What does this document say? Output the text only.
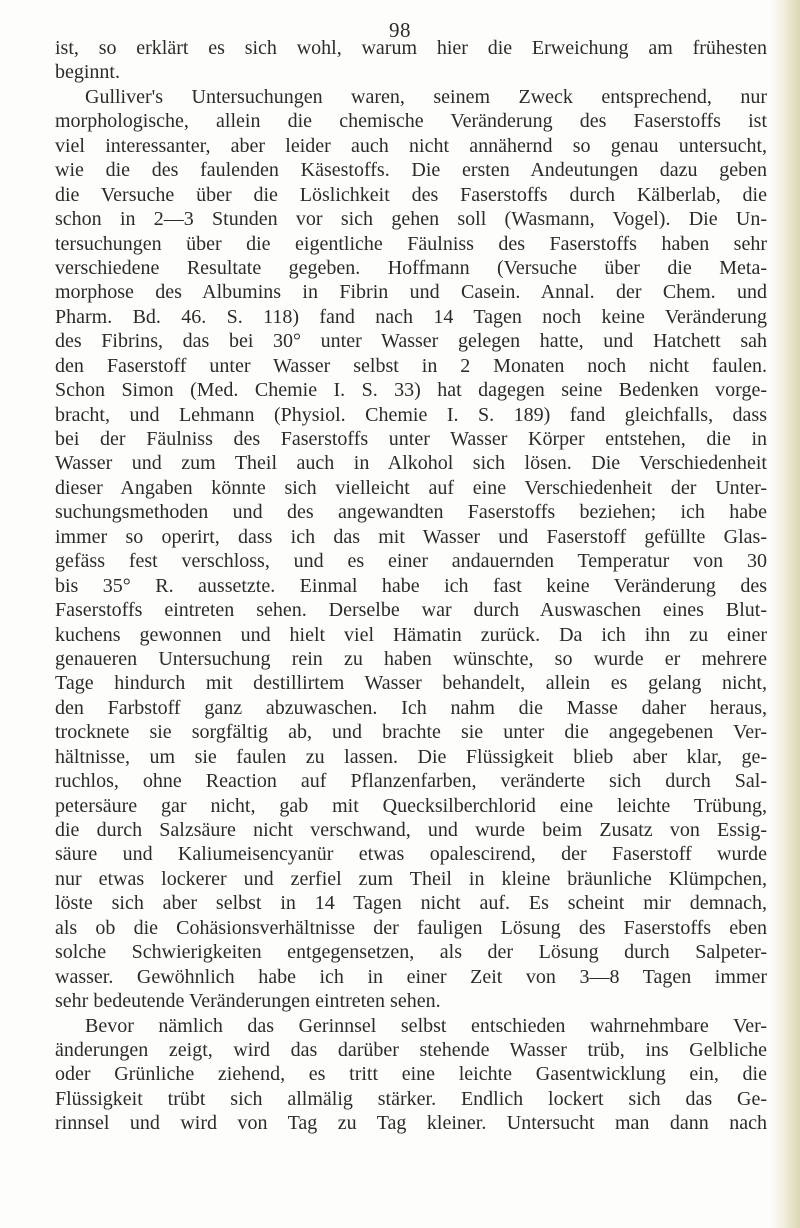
98
ist, so erklärt es sich wohl, warum hier die Erweichung am frühesten
beginnt.
Gulliver's Untersuchungen waren, seinem Zweck entsprechend, nur
morphologische, allein die chemische Veränderung des Faserstoffs ist
viel interessanter, aber leider auch nicht annähernd so genau untersucht,
wie die des faulenden Käsestoffs. Die ersten Andeutungen dazu geben
die Versuche über die Löslichkeit des Faserstoffs durch Kälberlab, die
schon in 2—3 Stunden vor sich gehen soll (Wasmann, Vogel). Die Un-
tersuchungen über die eigentliche Fäulniss des Faserstoffs haben sehr
verschiedene Resultate gegeben. Hoffmann (Versuche über die Meta-
morphose des Albumins in Fibrin und Casein. Annal. der Chem. und
Pharm. Bd. 46. S. 118) fand nach 14 Tagen noch keine Veränderung
des Fibrins, das bei 30° unter Wasser gelegen hatte, und Hatchett sah
den Faserstoff unter Wasser selbst in 2 Monaten noch nicht faulen.
Schon Simon (Med. Chemie I. S. 33) hat dagegen seine Bedenken vorge-
bracht, und Lehmann (Physiol. Chemie I. S. 189) fand gleichfalls, dass
bei der Fäulniss des Faserstoffs unter Wasser Körper entstehen, die in
Wasser und zum Theil auch in Alkohol sich lösen. Die Verschiedenheit
dieser Angaben könnte sich vielleicht auf eine Verschiedenheit der Unter-
suchungsmethoden und des angewandten Faserstoffs beziehen; ich habe
immer so operirt, dass ich das mit Wasser und Faserstoff gefüllte Glas-
gefäss fest verschloss, und es einer andauernden Temperatur von 30
bis 35° R. aussetzte. Einmal habe ich fast keine Veränderung des
Faserstoffs eintreten sehen. Derselbe war durch Auswaschen eines Blut-
kuchens gewonnen und hielt viel Hämatin zurück. Da ich ihn zu einer
genaueren Untersuchung rein zu haben wünschte, so wurde er mehrere
Tage hindurch mit destillirtem Wasser behandelt, allein es gelang nicht,
den Farbstoff ganz abzuwaschen. Ich nahm die Masse daher heraus,
trocknete sie sorgfältig ab, und brachte sie unter die angegebenen Ver-
hältnisse, um sie faulen zu lassen. Die Flüssigkeit blieb aber klar, ge-
ruchlos, ohne Reaction auf Pflanzenfarben, veränderte sich durch Sal-
petersäure gar nicht, gab mit Quecksilberchlorid eine leichte Trübung,
die durch Salzsäure nicht verschwand, und wurde beim Zusatz von Essig-
säure und Kaliumeisencyanür etwas opalescirend, der Faserstoff wurde
nur etwas lockerer und zerfiel zum Theil in kleine bräunliche Klümpchen,
löste sich aber selbst in 14 Tagen nicht auf. Es scheint mir demnach,
als ob die Cohäsionsverhältnisse der fauligen Lösung des Faserstoffs eben
solche Schwierigkeiten entgegensetzen, als der Lösung durch Salpeter-
wasser. Gewöhnlich habe ich in einer Zeit von 3—8 Tagen immer
sehr bedeutende Veränderungen eintreten sehen.
Bevor nämlich das Gerinnsel selbst entschieden wahrnehmbare Ver-
änderungen zeigt, wird das darüber stehende Wasser trüb, ins Gelbliche
oder Grünliche ziehend, es tritt eine leichte Gasentwicklung ein, die
Flüssigkeit trübt sich allmälig stärker. Endlich lockert sich das Ge-
rinnsel und wird von Tag zu Tag kleiner. Untersucht man dann nach
